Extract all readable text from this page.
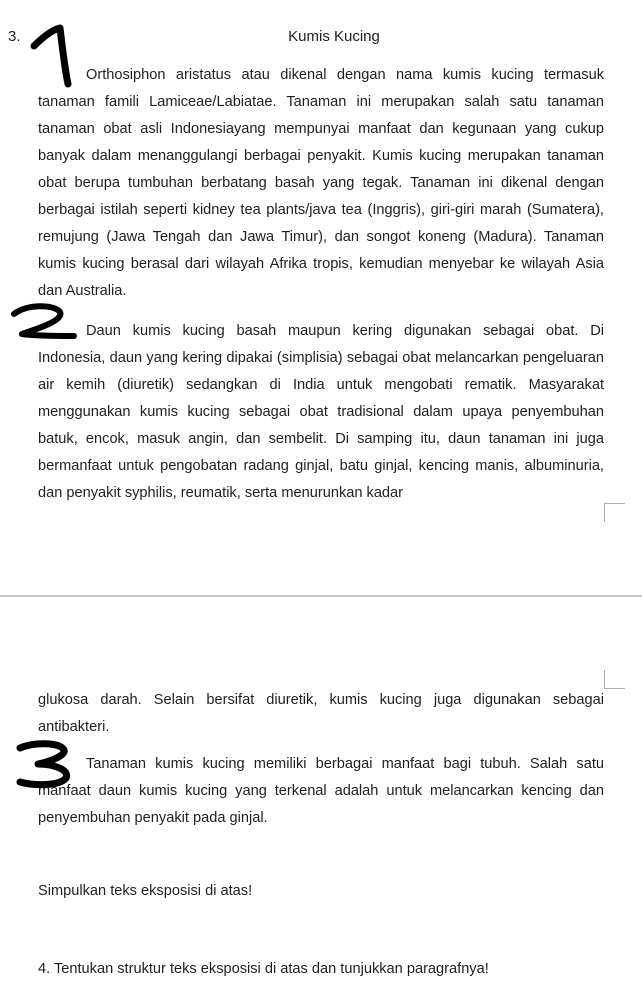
3.	Kumis Kucing

Orthosiphon aristatus atau dikenal dengan nama kumis kucing termasuk tanaman famili Lamiceae/Labiatae. Tanaman ini merupakan salah satu tanaman tanaman obat asli Indonesiayang mempunyai manfaat dan kegunaan yang cukup banyak dalam menanggulangi berbagai penyakit. Kumis kucing merupakan tanaman obat berupa tumbuhan berbatang basah yang tegak. Tanaman ini dikenal dengan berbagai istilah seperti kidney tea plants/java tea (Inggris), giri-giri marah (Sumatera), remujung (Jawa Tengah dan Jawa Timur), dan songot koneng (Madura). Tanaman kumis kucing berasal dari wilayah Afrika tropis, kemudian menyebar ke wilayah Asia dan Australia.

Daun kumis kucing basah maupun kering digunakan sebagai obat. Di Indonesia, daun yang kering dipakai (simplisia) sebagai obat melancarkan pengeluaran air kemih (diuretik) sedangkan di India untuk mengobati rematik. Masyarakat menggunakan kumis kucing sebagai obat tradisional dalam upaya penyembuhan batuk, encok, masuk angin, dan sembelit. Di samping itu, daun tanaman ini juga bermanfaat untuk pengobatan radang ginjal, batu ginjal, kencing manis, albuminuria, dan penyakit syphilis, reumatik, serta menurunkan kadar

glukosa darah. Selain bersifat diuretik, kumis kucing juga digunakan sebagai antibakteri.

Tanaman kumis kucing memiliki berbagai manfaat bagi tubuh. Salah satu manfaat daun kumis kucing yang terkenal adalah untuk melancarkan kencing dan penyembuhan penyakit pada ginjal.

Simpulkan teks eksposisi di atas!

4. Tentukan struktur teks eksposisi di atas dan tunjukkan paragrafnya!
